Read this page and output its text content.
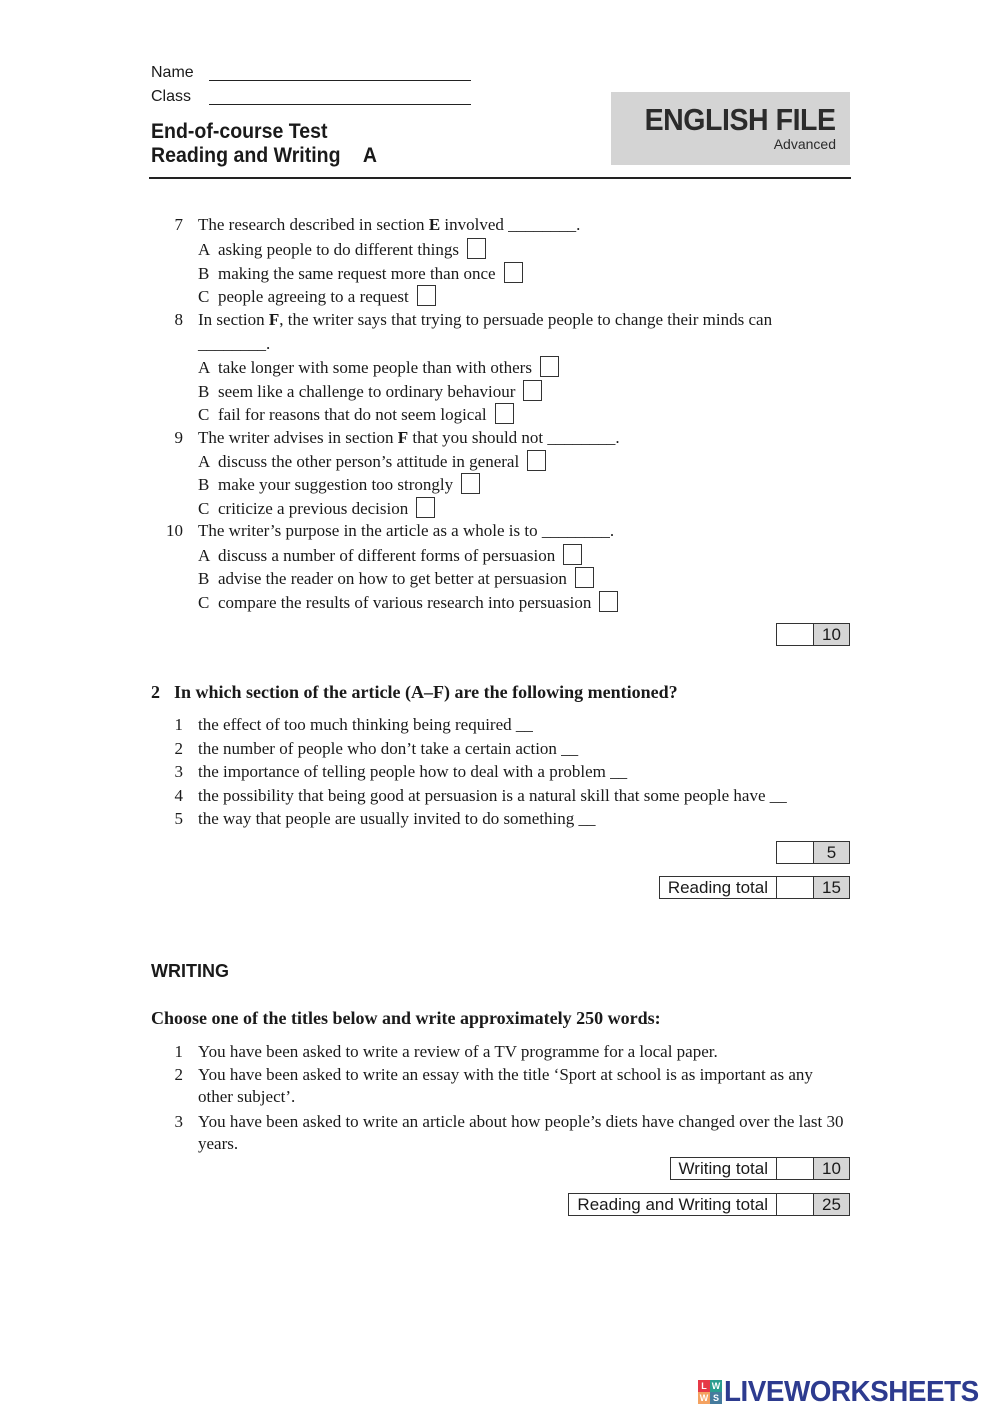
Name
Class
End-of-course Test
Reading and Writing A
ENGLISH FILE
Advanced
7 The research described in section E involved ________.
A asking people to do different things
B making the same request more than once
C people agreeing to a request
8 In section F, the writer says that trying to persuade people to change their minds can
________.
A take longer with some people than with others
B seem like a challenge to ordinary behaviour
C fail for reasons that do not seem logical
9 The writer advises in section F that you should not ________.
A discuss the other person’s attitude in general
B make your suggestion too strongly
C criticize a previous decision
10 The writer’s purpose in the article as a whole is to ________.
A discuss a number of different forms of persuasion
B advise the reader on how to get better at persuasion
C compare the results of various research into persuasion
10
2 In which section of the article (A–F) are the following mentioned?
1 the effect of too much thinking being required __
2 the number of people who don’t take a certain action __
3 the importance of telling people how to deal with a problem __
4 the possibility that being good at persuasion is a natural skill that some people have __
5 the way that people are usually invited to do something __
5
Reading total	15
WRITING
Choose one of the titles below and write approximately 250 words:
1 You have been asked to write a review of a TV programme for a local paper.
2 You have been asked to write an essay with the title ‘Sport at school is as important as any other subject’.
3 You have been asked to write an article about how people’s diets have changed over the last 30 years.
Writing total	10
Reading and Writing total	25
L W
W S LIVEWORKSHEETS
